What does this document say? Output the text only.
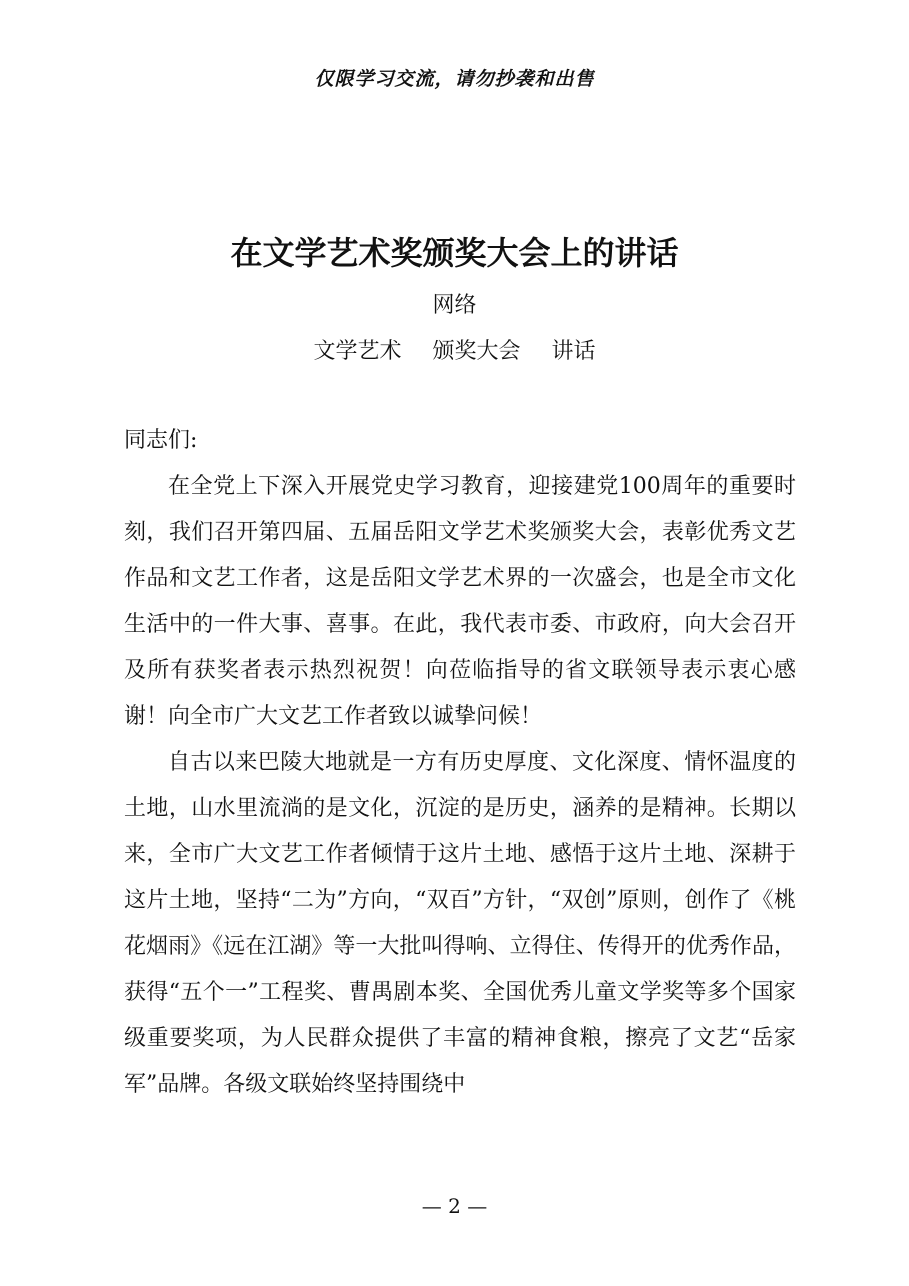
仅限学习交流，请勿抄袭和出售
在文学艺术奖颁奖大会上的讲话
网络
文学艺术 颁奖大会 讲话

同志们:

在全党上下深入开展党史学习教育，迎接建党100周年的重要时刻，我们召开第四届、五届岳阳文学艺术奖颁奖大会，表彰优秀文艺作品和文艺工作者，这是岳阳文学艺术界的一次盛会，也是全市文化生活中的一件大事、喜事。在此，我代表市委、市政府，向大会召开及所有获奖者表示热烈祝贺！向莅临指导的省文联领导表示衷心感谢！向全市广大文艺工作者致以诚挚问候！

自古以来巴陵大地就是一方有历史厚度、文化深度、情怀温度的土地，山水里流淌的是文化，沉淀的是历史，涵养的是精神。长期以来，全市广大文艺工作者倾情于这片土地、感悟于这片土地、深耕于这片土地，坚持“二为”方向，“双百”方针，“双创”原则，创作了《桃花烟雨》《远在江湖》等一大批叫得响、立得住、传得开的优秀作品，获得“五个一”工程奖、曹禺剧本奖、全国优秀儿童文学奖等多个国家级重要奖项，为人民群众提供了丰富的精神食粮，擦亮了文艺“岳家军”品牌。各级文联始终坚持围绕中

— 2 —
